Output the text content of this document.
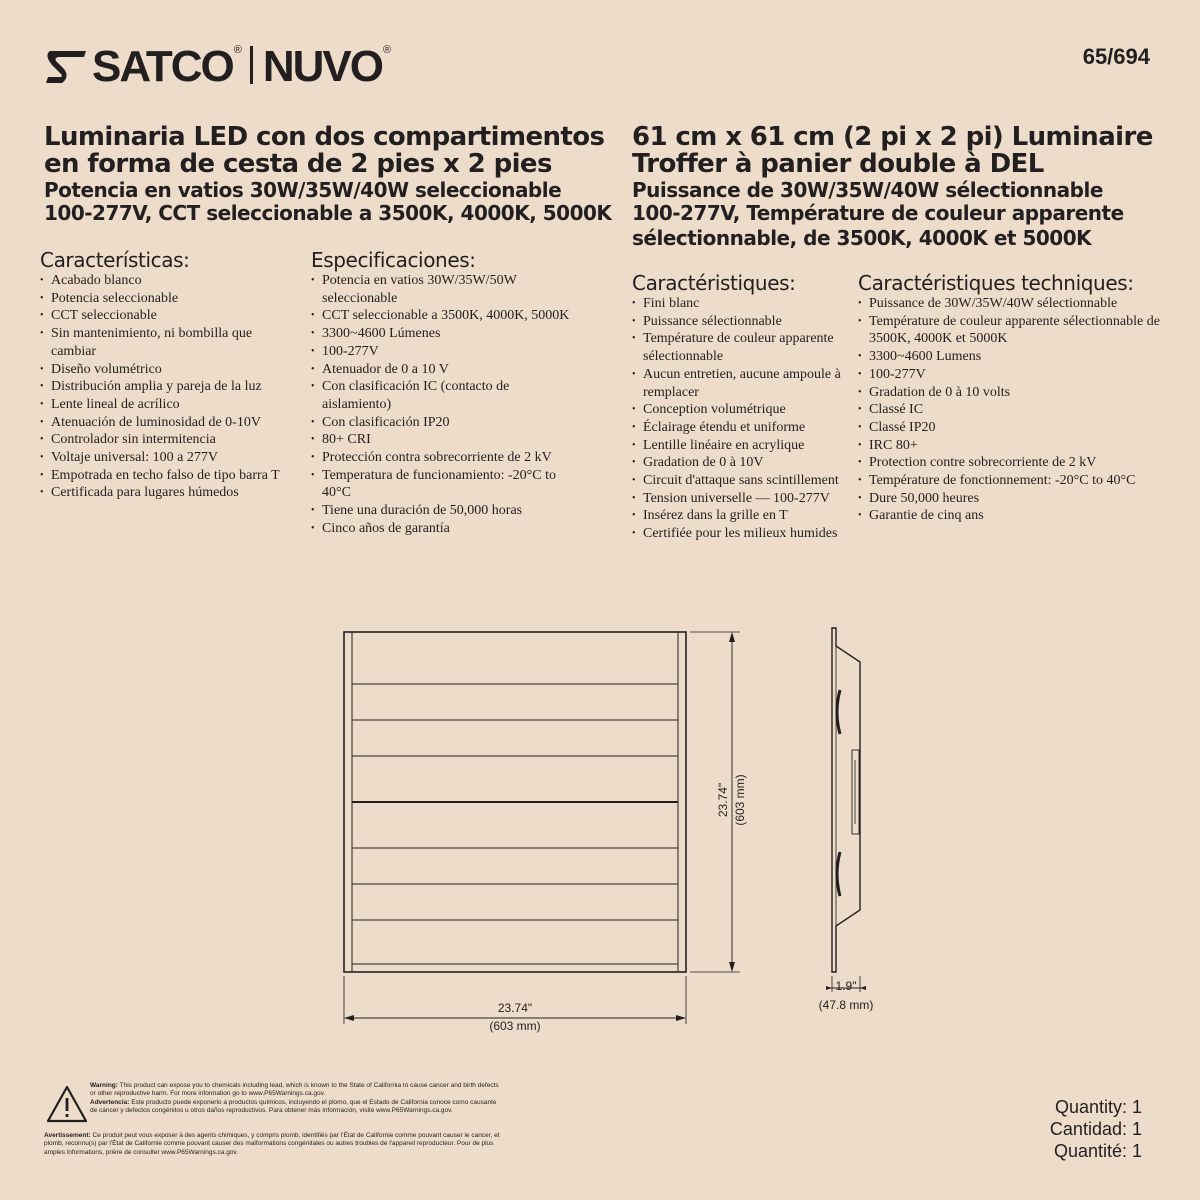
SATCO ® NUVO ®	65/694
Luminaria LED con dos compartimentos
en forma de cesta de 2 pies x 2 pies
Potencia en vatios 30W/35W/40W seleccionable
100-277V, CCT seleccionable a 3500K, 4000K, 5000K
61 cm x 61 cm (2 pi x 2 pi) Luminaire
Troffer à panier double à DEL
Puissance de 30W/35W/40W sélectionnable
100-277V, Température de couleur apparente
sélectionnable, de 3500K, 4000K et 5000K
Características:
• Acabado blanco
• Potencia seleccionable
• CCT seleccionable
• Sin mantenimiento, ni bombilla que cambiar
• Diseño volumétrico
• Distribución amplia y pareja de la luz
• Lente lineal de acrílico
• Atenuación de luminosidad de 0-10V
• Controlador sin intermitencia
• Voltaje universal: 100 a 277V
• Empotrada en techo falso de tipo barra T
• Certificada para lugares húmedos
Especificaciones:
• Potencia en vatios 30W/35W/50W seleccionable
• CCT seleccionable a 3500K, 4000K, 5000K
• 3300~4600 Lúmenes
• 100-277V
• Atenuador de 0 a 10 V
• Con clasificación IC (contacto de aislamiento)
• Con clasificación IP20
• 80+ CRI
• Protección contra sobrecorriente de 2 kV
• Temperatura de funcionamiento: -20°C to 40°C
• Tiene una duración de 50,000 horas
• Cinco años de garantía
Caractéristiques:
• Fini blanc
• Puissance sélectionnable
• Température de couleur apparente sélectionnable
• Aucun entretien, aucune ampoule à remplacer
• Conception volumétrique
• Éclairage étendu et uniforme
• Lentille linéaire en acrylique
• Gradation de 0 à 10V
• Circuit d'attaque sans scintillement
• Tension universelle — 100-277V
• Insérez dans la grille en T
• Certifiée pour les milieux humides
Caractéristiques techniques:
• Puissance de 30W/35W/40W sélectionnable
• Température de couleur apparente sélectionnable de 3500K, 4000K et 5000K
• 3300~4600 Lumens
• 100-277V
• Gradation de 0 à 10 volts
• Classé IC
• Classé IP20
• IRC 80+
• Protection contre sobrecorriente de 2 kV
• Température de fonctionnement: -20°C to 40°C
• Dure 50,000 heures
• Garantie de cinq ans
23.74"
(603 mm)
23.74" (603 mm)
1.9"
(47.8 mm)

Warning: This product can expose you to chemicals including lead, which is known to the State of California to cause cancer and birth defects or other reproductive harm. For more information go to www.P65Warnings.ca.gov.

Advertencia: Este producto puede exponerlo a productos químicos, incluyendo el plomo, que el Estado de California conoce como causante de cáncer y defectos congénitos u otros daños reproductivos. Para obtener más información, visite www.P65Warnings.ca.gov.

Avertissement: Ce produit peut vous exposer à des agents chimiques, y compris plomb, identifiés par l'État de Californie comme pouvant causer le cancer, et plomb, reconnu(s) par l'État de Californie comme pouvant causer des malformations congénitales ou autres troubles de l'appareil reproducteur. Pour de plus amples informations, prière de consulter www.P65Warnings.ca.gov.

Quantity: 1
Cantidad: 1
Quantité: 1
